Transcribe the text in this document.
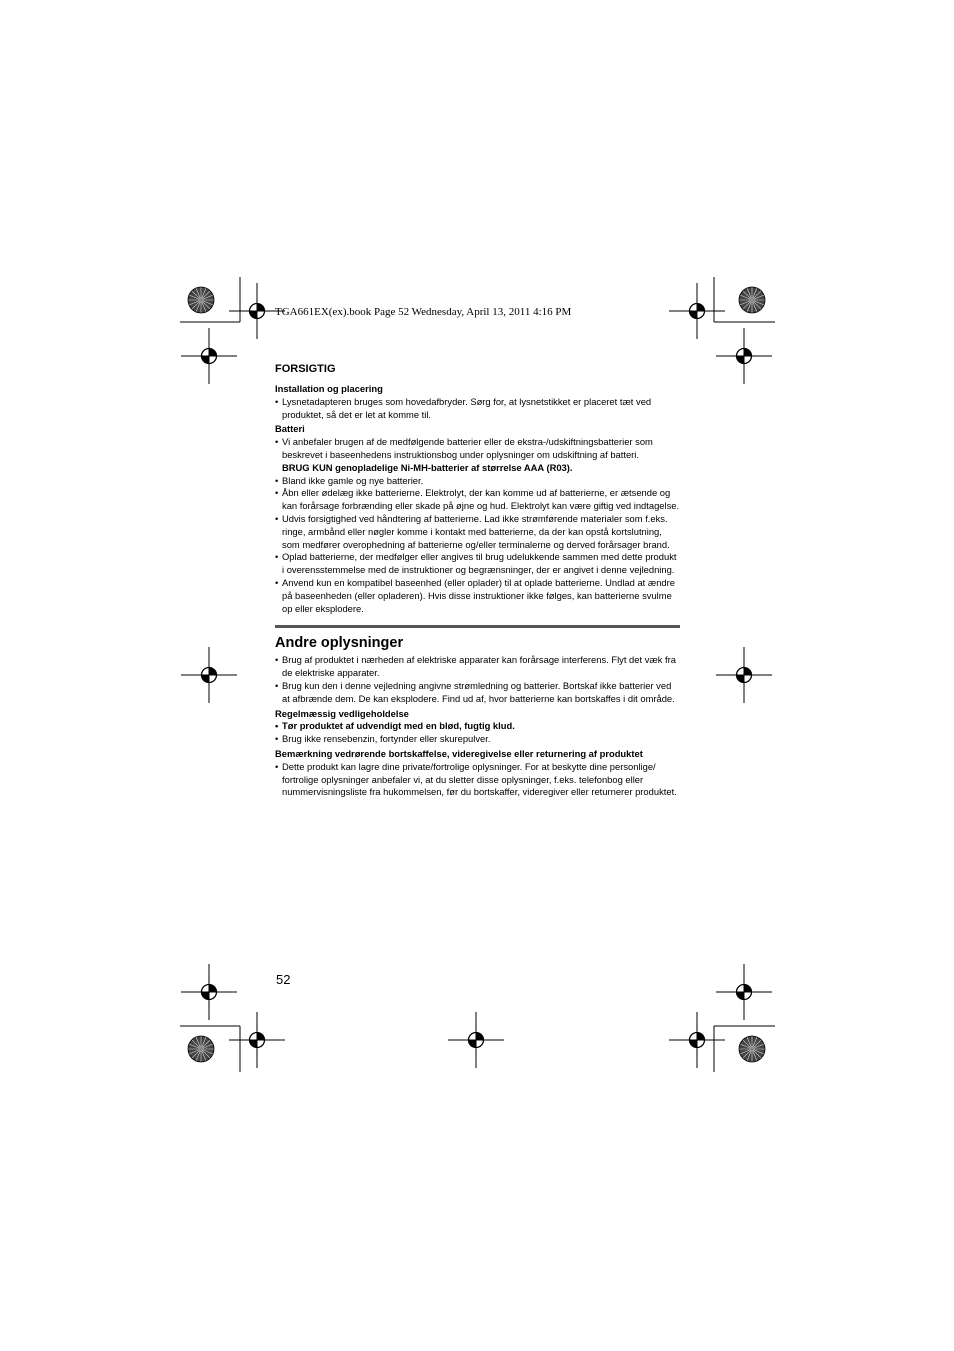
TGA661EX(ex).book Page 52 Wednesday, April 13, 2011 4:16 PM
FORSIGTIG
Installation og placering
• Lysnetadapteren bruges som hovedafbryder. Sørg for, at lysnetstikket er placeret tæt ved produktet, så det er let at komme til.
Batteri
• Vi anbefaler brugen af de medfølgende batterier eller de ekstra-/udskiftningsbatterier som beskrevet i baseenhedens instruktionsbog under oplysninger om udskiftning af batteri.
BRUG KUN genopladelige Ni-MH-batterier af størrelse AAA (R03).
• Bland ikke gamle og nye batterier.
• Åbn eller ødelæg ikke batterierne. Elektrolyt, der kan komme ud af batterierne, er ætsende og kan forårsage forbrænding eller skade på øjne og hud. Elektrolyt kan være giftig ved indtagelse.
• Udvis forsigtighed ved håndtering af batterierne. Lad ikke strømførende materialer som f.eks. ringe, armbånd eller nøgler komme i kontakt med batterierne, da der kan opstå kortslutning, som medfører overophedning af batterierne og/eller terminalerne og derved forårsager brand.
• Oplad batterierne, der medfølger eller angives til brug udelukkende sammen med dette produkt i overensstemmelse med de instruktioner og begrænsninger, der er angivet i denne vejledning.
• Anvend kun en kompatibel baseenhed (eller oplader) til at oplade batterierne. Undlad at ændre på baseenheden (eller opladeren). Hvis disse instruktioner ikke følges, kan batterierne svulme op eller eksplodere.
Andre oplysninger
• Brug af produktet i nærheden af elektriske apparater kan forårsage interferens. Flyt det væk fra de elektriske apparater.
• Brug kun den i denne vejledning angivne strømledning og batterier. Bortskaf ikke batterier ved at afbrænde dem. De kan eksplodere. Find ud af, hvor batterierne kan bortskaffes i dit område.
Regelmæssig vedligeholdelse
• Tør produktet af udvendigt med en blød, fugtig klud.
• Brug ikke rensebenzin, fortynder eller skurepulver.
Bemærkning vedrørende bortskaffelse, videregivelse eller returnering af produktet
• Dette produkt kan lagre dine private/fortrolige oplysninger. For at beskytte dine personlige/ fortrolige oplysninger anbefaler vi, at du sletter disse oplysninger, f.eks. telefonbog eller nummervisningsliste fra hukommelsen, før du bortskaffer, videregiver eller returnerer produktet.
52
